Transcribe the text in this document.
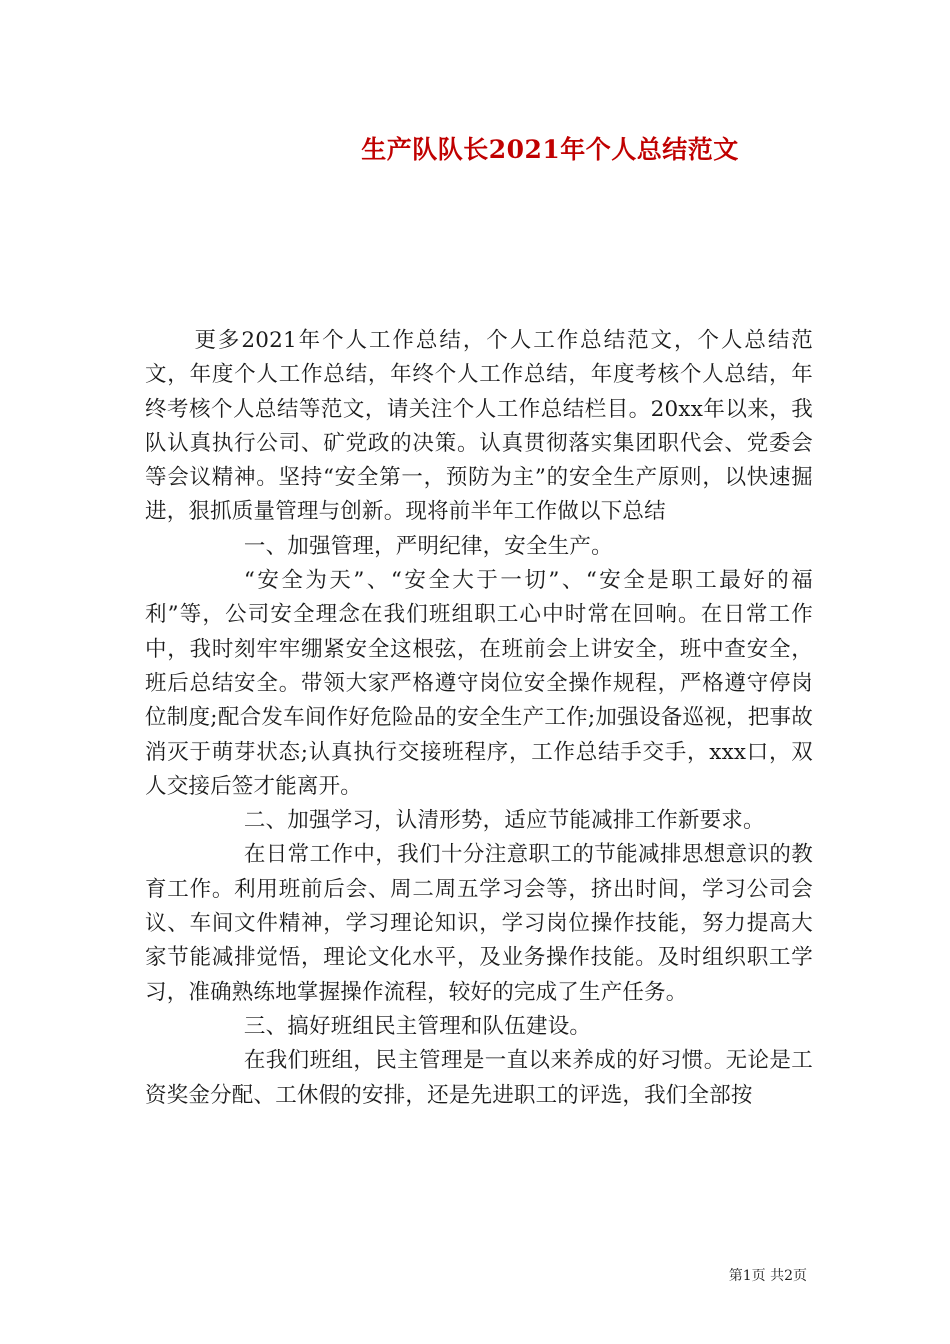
生产队队长2021年个人总结范文

更多2021年个人工作总结，个人工作总结范文，个人总结范文，年度个人工作总结，年终个人工作总结，年度考核个人总结，年终考核个人总结等范文，请关注个人工作总结栏目。20xx年以来，我队认真执行公司、矿党政的决策。认真贯彻落实集团职代会、党委会等会议精神。坚持“安全第一，预防为主”的安全生产原则，以快速掘进，狠抓质量管理与创新。现将前半年工作做以下总结

一、加强管理，严明纪律，安全生产。

“安全为天”、“安全大于一切”、“安全是职工最好的福利”等，公司安全理念在我们班组职工心中时常在回响。在日常工作中，我时刻牢牢绷紧安全这根弦，在班前会上讲安全，班中查安全，班后总结安全。带领大家严格遵守岗位安全操作规程，严格遵守停岗位制度;配合发车间作好危险品的安全生产工作;加强设备巡视，把事故消灭于萌芽状态;认真执行交接班程序，工作总结手交手，xxx口，双人交接后签才能离开。

二、加强学习，认清形势，适应节能减排工作新要求。

在日常工作中，我们十分注意职工的节能减排思想意识的教育工作。利用班前后会、周二周五学习会等，挤出时间，学习公司会议、车间文件精神，学习理论知识，学习岗位操作技能，努力提高大家节能减排觉悟，理论文化水平，及业务操作技能。及时组织职工学习，准确熟练地掌握操作流程，较好的完成了生产任务。

三、搞好班组民主管理和队伍建设。

在我们班组，民主管理是一直以来养成的好习惯。无论是工资奖金分配、工休假的安排，还是先进职工的评选，我们全部按

第1页 共2页
